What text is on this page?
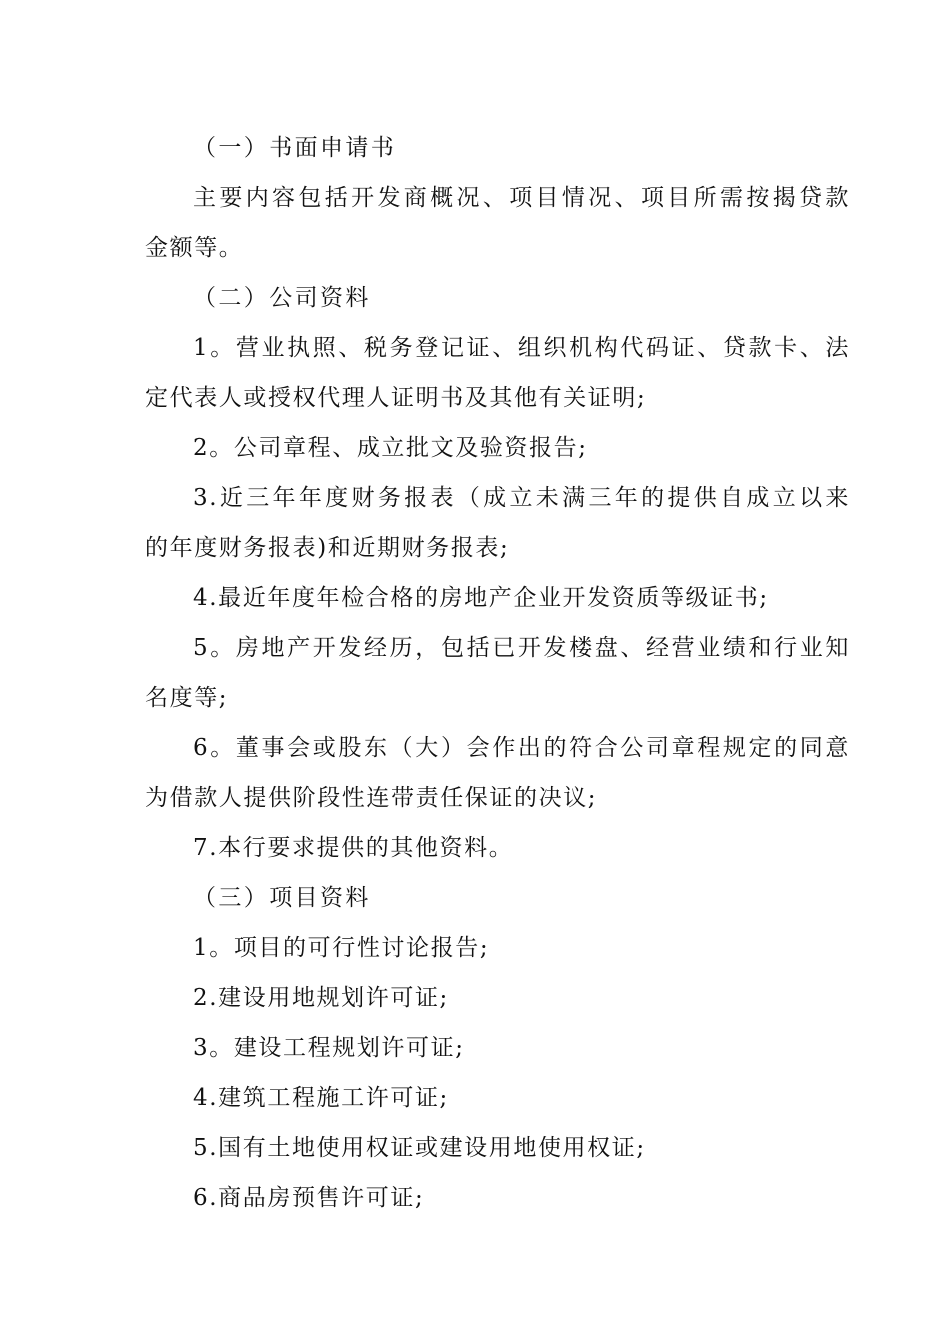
（一）书面申请书
主要内容包括开发商概况、项目情况、项目所需按揭贷款
金额等。
（二）公司资料
1。营业执照、税务登记证、组织机构代码证、贷款卡、法
定代表人或授权代理人证明书及其他有关证明;
2。公司章程、成立批文及验资报告;
3.近三年年度财务报表（成立未满三年的提供自成立以来
的年度财务报表)和近期财务报表;
4.最近年度年检合格的房地产企业开发资质等级证书;
5。房地产开发经历，包括已开发楼盘、经营业绩和行业知
名度等;
6。董事会或股东（大）会作出的符合公司章程规定的同意
为借款人提供阶段性连带责任保证的决议;
7.本行要求提供的其他资料。
（三）项目资料
1。项目的可行性讨论报告;
2.建设用地规划许可证;
3。建设工程规划许可证;
4.建筑工程施工许可证;
5.国有土地使用权证或建设用地使用权证;
6.商品房预售许可证;
